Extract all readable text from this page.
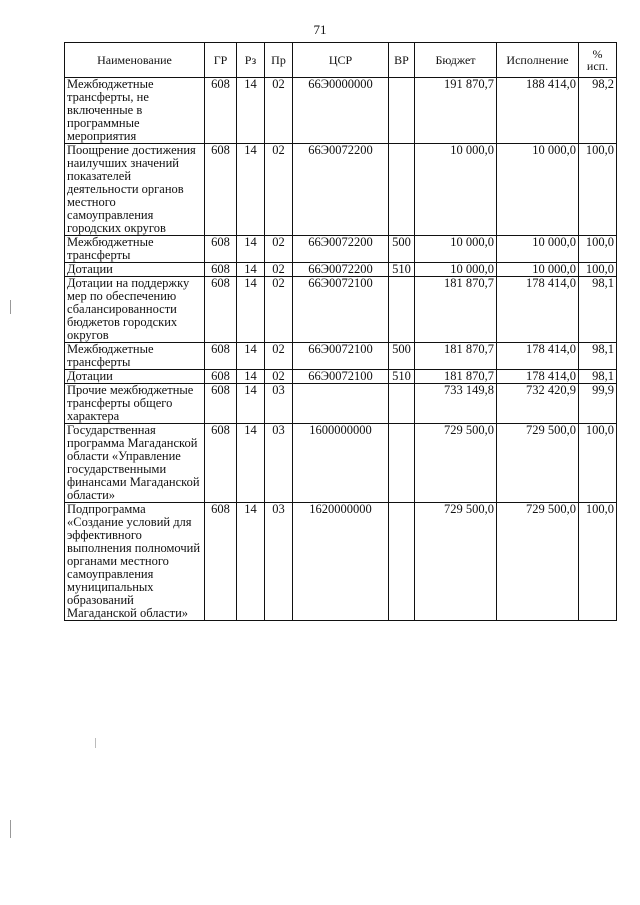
71
Наименование	ГР	Рз	Пр	ЦСР	ВР	Бюджет	Исполнение	%
исп.

Межбюджетные трансферты, не включенные в программные мероприятия	608	14	02	66Э0000000		191 870,7	188 414,0	98,2
Поощрение достижения наилучших значений показателей деятельности органов местного самоуправления городских округов	608	14	02	66Э0072200		10 000,0	10 000,0	100,0
Межбюджетные трансферты	608	14	02	66Э0072200	500	10 000,0	10 000,0	100,0
Дотации	608	14	02	66Э0072200	510	10 000,0	10 000,0	100,0
Дотации на поддержку мер по обеспечению сбалансированности бюджетов городских округов	608	14	02	66Э0072100		181 870,7	178 414,0	98,1
Межбюджетные трансферты	608	14	02	66Э0072100	500	181 870,7	178 414,0	98,1
Дотации	608	14	02	66Э0072100	510	181 870,7	178 414,0	98,1
Прочие межбюджетные трансферты общего характера	608	14	03			733 149,8	732 420,9	99,9
Государственная программа Магаданской области «Управление государственными финансами Магаданской области»	608	14	03	1600000000		729 500,0	729 500,0	100,0
Подпрограмма «Создание условий для эффективного выполнения полномочий органами местного самоуправления муниципальных образований Магаданской области»	608	14	03	1620000000		729 500,0	729 500,0	100,0
